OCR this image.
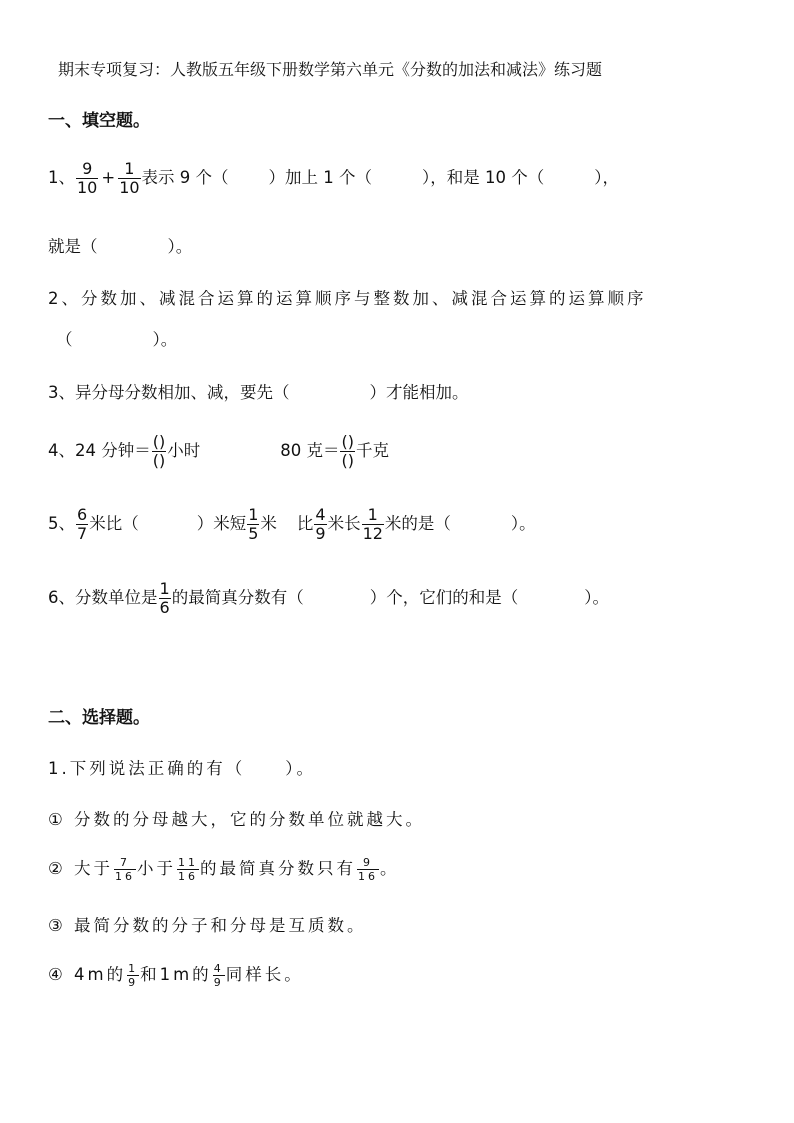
期末专项复习：人教版五年级下册数学第六单元《分数的加法和减法》练习题
一、填空题。
1、 $\frac{9}{10} + \frac{1}{10}$ 表示 9 个（ ）加上 1 个（	），和是 10 个（	），
就是（	）。
2、分数加、减混合运算的运算顺序与整数加、减混合运算的运算顺序
（	）。
3、异分母分数相加、减，要先（	）才能相加。
4、 24 分钟＝ $\frac{()}{()}$ 小时	80 克＝ $\frac{()}{()}$ 千克
5、 $\frac{6}{7}$ 米比（	）米短 $\frac{1}{5}$ 米 比 $\frac{4}{9}$ 米长 $\frac{1}{12}$ 米的是（	）。
6、分数单位是 $\frac{1}{6}$ 的最简真分数有（	）个，它们的和是（	）。
二、选择题。
1.下列说法正确的有（ ）。
① 分数的分母越大，它的分数单位就越大。
② 大于 $\frac{7}{16}$ 小于 $\frac{11}{16}$ 的最简真分数只有 $\frac{9}{16}$ 。
③ 最简分数的分子和分母是互质数。
④ 4m的 $\frac{1}{9}$ 和1m的 $\frac{4}{9}$ 同样长。
